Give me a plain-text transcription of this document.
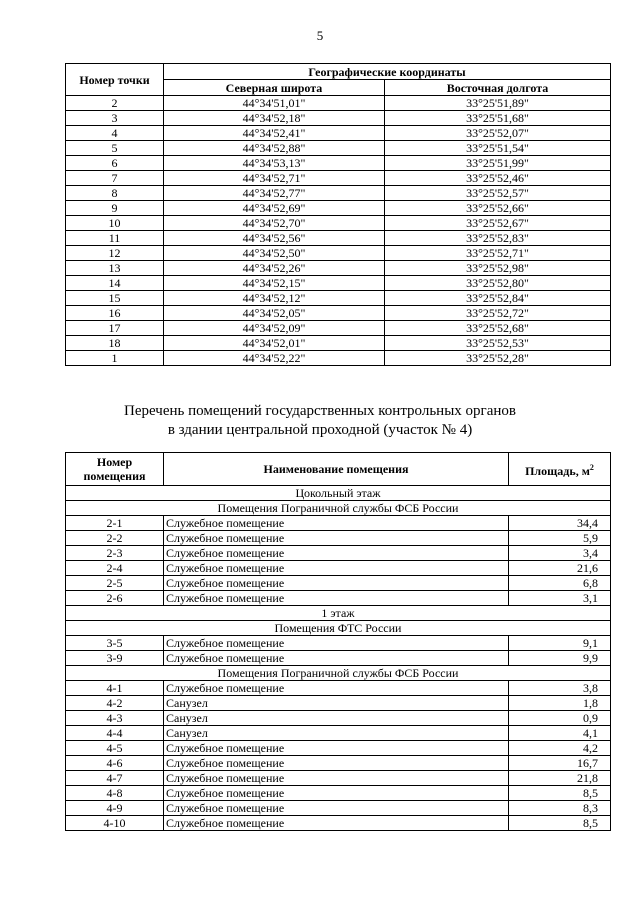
5
Номер точки	Географические координаты	
	Северная широта	Восточная долгота
2	44°34'51,01"	33°25'51,89"
3	44°34'52,18"	33°25'51,68"
4	44°34'52,41"	33°25'52,07"
5	44°34'52,88"	33°25'51,54"
6	44°34'53,13"	33°25'51,99"
7	44°34'52,71"	33°25'52,46"
8	44°34'52,77"	33°25'52,57"
9	44°34'52,69"	33°25'52,66"
10	44°34'52,70"	33°25'52,67"
11	44°34'52,56"	33°25'52,83"
12	44°34'52,50"	33°25'52,71"
13	44°34'52,26"	33°25'52,98"
14	44°34'52,15"	33°25'52,80"
15	44°34'52,12"	33°25'52,84"
16	44°34'52,05"	33°25'52,72"
17	44°34'52,09"	33°25'52,68"
18	44°34'52,01"	33°25'52,53"
1	44°34'52,22"	33°25'52,28"
Перечень помещений государственных контрольных органов
в здании центральной проходной (участок № 4)
Номер
помещения	Наименование помещения	Площадь, $м^2$
Цокольный этаж		
Помещения Пограничной службы ФСБ России		
2-1	Служебное помещение	34,4
2-2	Служебное помещение	5,9
2-3	Служебное помещение	3,4
2-4	Служебное помещение	21,6
2-5	Служебное помещение	6,8
2-6	Служебное помещение	3,1
1 этаж		
Помещения ФТС России		
3-5	Служебное помещение	9,1
3-9	Служебное помещение	9,9
Помещения Пограничной службы ФСБ России		
4-1	Служебное помещение	3,8
4-2	Санузел	1,8
4-3	Санузел	0,9
4-4	Санузел	4,1
4-5	Служебное помещение	4,2
4-6	Служебное помещение	16,7
4-7	Служебное помещение	21,8
4-8	Служебное помещение	8,5
4-9	Служебное помещение	8,3
4-10	Служебное помещение	8,5
